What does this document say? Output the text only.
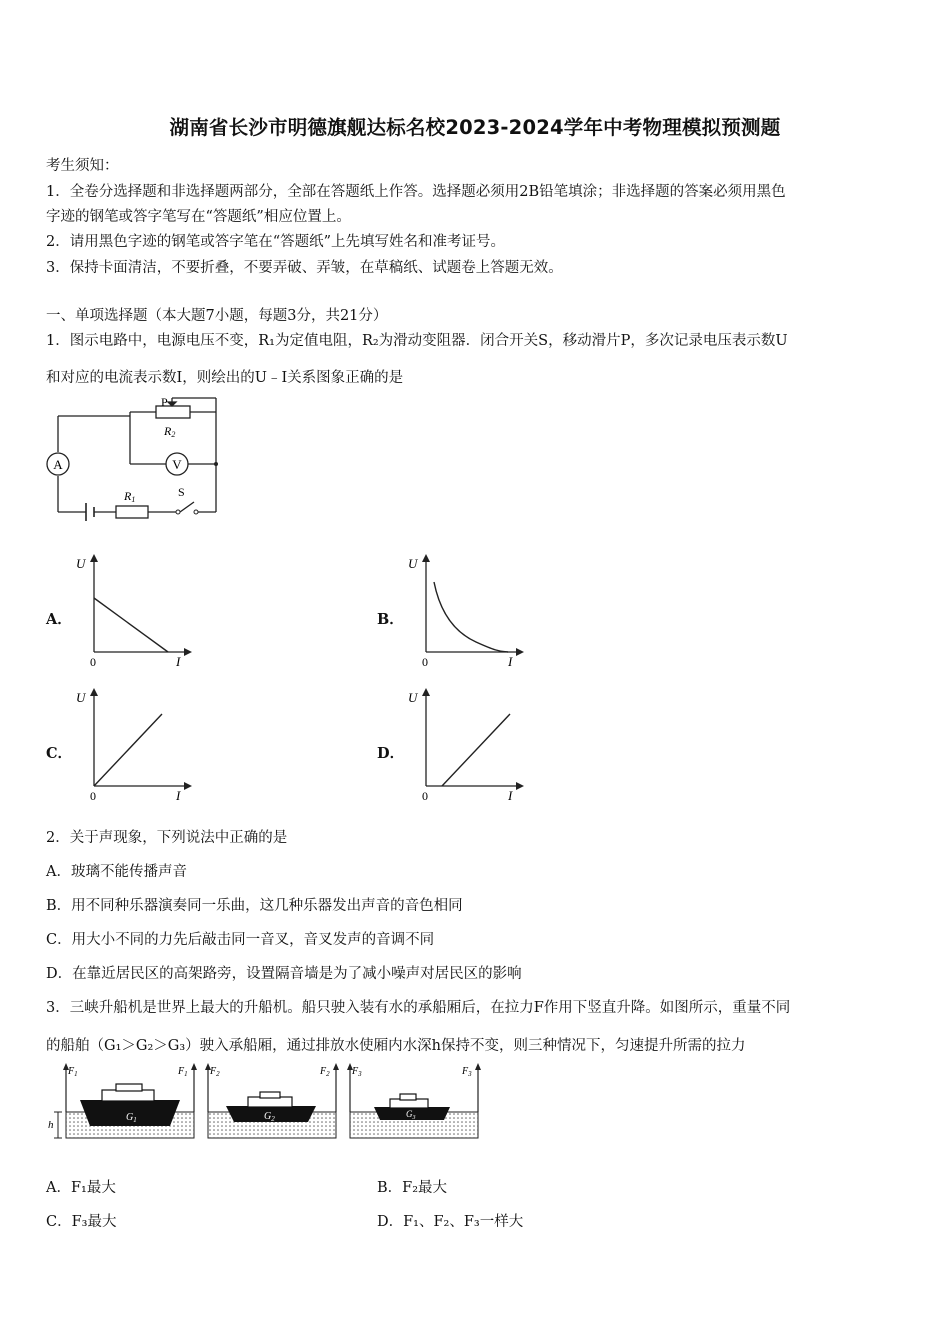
湖南省长沙市明德旗舰达标名校2023-2024学年中考物理模拟预测题
考生须知：
1．全卷分选择题和非选择题两部分，全部在答题纸上作答。选择题必须用2B铅笔填涂；非选择题的答案必须用黑色
字迹的钢笔或答字笔写在“答题纸”相应位置上。
2．请用黑色字迹的钢笔或答字笔在“答题纸”上先填写姓名和准考证号。
3．保持卡面清洁，不要折叠，不要弄破、弄皱，在草稿纸、试题卷上答题无效。
一、单项选择题（本大题7小题，每题3分，共21分）
1．图示电路中，电源电压不变，R₁为定值电阻，R₂为滑动变阻器．闭合开关S，移动滑片P，多次记录电压表示数U
和对应的电流表示数I，则绘出的U﹣I关系图象正确的是
A	V
P
R2
R1
S
A．	B．
C．	D．
U
I
0
U
I
0
U
I
0
U
I
0
2．关于声现象，下列说法中正确的是
A．玻璃不能传播声音
B．用不同种乐器演奏同一乐曲，这几种乐器发出声音的音色相同
C．用大小不同的力先后敲击同一音叉，音叉发声的音调不同
D．在靠近居民区的高架路旁，设置隔音墙是为了减小噪声对居民区的影响
3．三峡升船机是世界上最大的升船机。船只驶入装有水的承船厢后，在拉力F作用下竖直升降。如图所示，重量不同
的船舶（G₁＞G₂＞G₃）驶入承船厢，通过排放水使厢内水深h保持不变，则三种情况下，匀速提升所需的拉力
h
$F_1$	$F_1$
$G_1$
$F_2$	$F_2$
$G_2$
$F_3$	$F_3$
$G_3$
A．F₁最大	B．F₂最大
C．F₃最大	D．F₁、F₂、F₃一样大
